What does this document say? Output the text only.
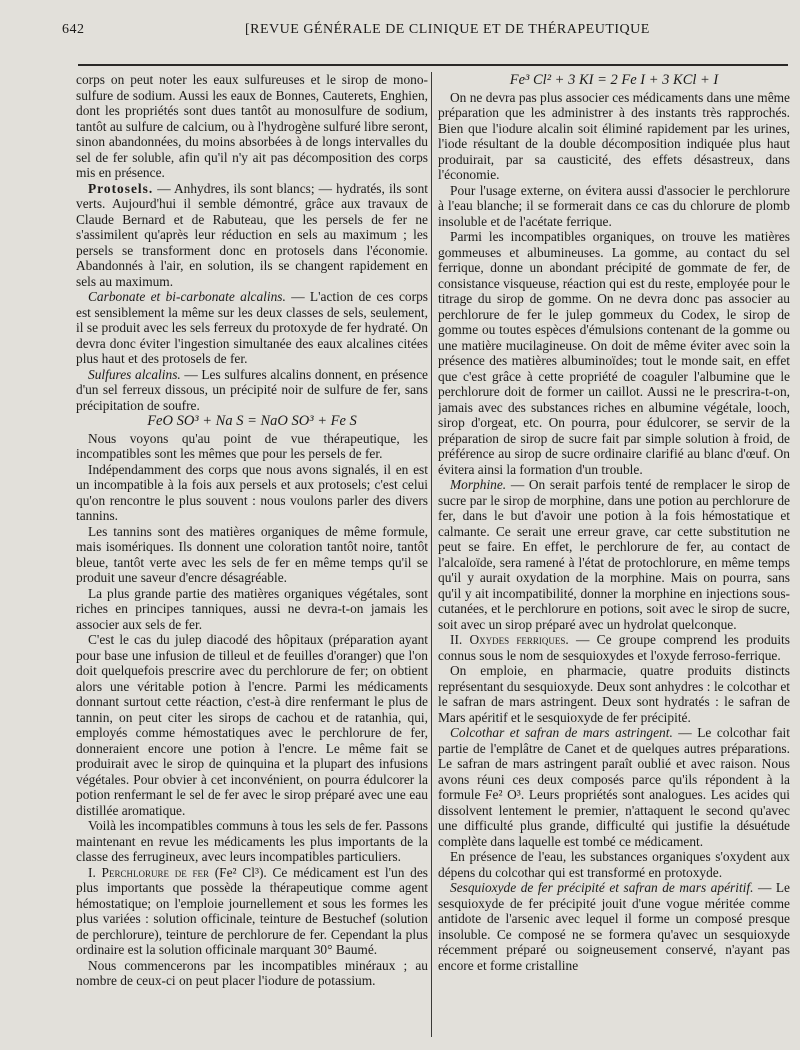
642	[REVUE GÉNÉRALE DE CLINIQUE ET DE THÉRAPEUTIQUE

corps on peut noter les eaux sulfureuses et le sirop de mono-sulfure de sodium. Aussi les eaux de Bonnes, Cauterets, Enghien, dont les propriétés sont dues tantôt au monosulfure de sodium, tantôt au sulfure de calcium, ou à l'hydrogène sulfuré libre seront, sinon abandonnées, du moins absorbées à de longs intervalles du sel de fer soluble, afin qu'il n'y ait pas décomposition des corps mis en présence.

Protosels. — Anhydres, ils sont blancs; — hydratés, ils sont verts. Aujourd'hui il semble démontré, grâce aux travaux de Claude Bernard et de Rabuteau, que les persels de fer ne s'assimilent qu'après leur réduction en sels au maximum ; les persels se transforment donc en protosels dans l'économie. Abandonnés à l'air, en solution, ils se changent rapidement en sels au maximum.

Carbonate et bi-carbonate alcalins. — L'action de ces corps est sensiblement la même sur les deux classes de sels, seulement, il se produit avec les sels ferreux du protoxyde de fer hydraté. On devra donc éviter l'ingestion simultanée des eaux alcalines citées plus haut et des protosels de fer.

Sulfures alcalins. — Les sulfures alcalins donnent, en présence d'un sel ferreux dissous, un précipité noir de sulfure de fer, sans précipitation de soufre.

FeO SO³ + Na S = NaO SO³ + Fe S

Nous voyons qu'au point de vue thérapeutique, les incompatibles sont les mêmes que pour les persels de fer.

Indépendamment des corps que nous avons signalés, il en est un incompatible à la fois aux persels et aux protosels; c'est celui qu'on rencontre le plus souvent : nous voulons parler des divers tannins.

Les tannins sont des matières organiques de même formule, mais isomériques. Ils donnent une coloration tantôt noire, tantôt bleue, tantôt verte avec les sels de fer en même temps qu'il se produit une saveur d'encre désagréable.

La plus grande partie des matières organiques végétales, sont riches en principes tanniques, aussi ne devra-t-on jamais les associer aux sels de fer.

C'est le cas du julep diacodé des hôpitaux (préparation ayant pour base une infusion de tilleul et de feuilles d'oranger) que l'on doit quelquefois prescrire avec du perchlorure de fer; on obtient alors une véritable potion à l'encre. Parmi les médicaments donnant surtout cette réaction, c'est-à dire renfermant le plus de tannin, on peut citer les sirops de cachou et de ratanhia, qui, employés comme hémostatiques avec le perchlorure de fer, donneraient encore une potion à l'encre. Le même fait se produirait avec le sirop de quinquina et la plupart des infusions végétales. Pour obvier à cet inconvénient, on pourra édulcorer la potion renfermant le sel de fer avec le sirop préparé avec une eau distillée aromatique.

Voilà les incompatibles communs à tous les sels de fer. Passons maintenant en revue les médicaments les plus importants de la classe des ferrugineux, avec leurs incompatibles particuliers.

I. Perchlorure de fer (Fe² Cl³). Ce médicament est l'un des plus importants que possède la thérapeutique comme agent hémostatique; on l'emploie journellement et sous les formes les plus variées : solution officinale, teinture de Bestuchef (solution de perchlorure), teinture de perchlorure de fer. Cependant la plus ordinaire est la solution officinale marquant 30° Baumé.

Nous commencerons par les incompatibles minéraux ; au nombre de ceux-ci on peut placer l'iodure de potassium.

Fe³ Cl² + 3 KI = 2 Fe I + 3 KCl + I

On ne devra pas plus associer ces médicaments dans une même préparation que les administrer à des instants très rapprochés. Bien que l'iodure alcalin soit éliminé rapidement par les urines, l'iode résultant de la double décomposition indiquée plus haut produirait, par sa causticité, des effets désastreux, dans l'économie.

Pour l'usage externe, on évitera aussi d'associer le perchlorure à l'eau blanche; il se formerait dans ce cas du chlorure de plomb insoluble et de l'acétate ferrique.

Parmi les incompatibles organiques, on trouve les matières gommeuses et albumineuses. La gomme, au contact du sel ferrique, donne un abondant précipité de gommate de fer, de consistance visqueuse, réaction qui est du reste, employée pour le titrage du sirop de gomme. On ne devra donc pas associer au perchlorure de fer le julep gommeux du Codex, le sirop de gomme ou toutes espèces d'émulsions contenant de la gomme ou une matière mucilagineuse. On doit de même éviter avec soin la présence des matières albuminoïdes; tout le monde sait, en effet que c'est grâce à cette propriété de coaguler l'albumine que le perchlorure doit de former un caillot. Aussi ne le prescrira-t-on, jamais avec des substances riches en albumine végétale, looch, sirop d'orgeat, etc. On pourra, pour édulcorer, se servir de la préparation de sirop de sucre fait par simple solution à froid, de préférence au sirop de sucre ordinaire clarifié au blanc d'œuf. On évitera ainsi la formation d'un trouble.

Morphine. — On serait parfois tenté de remplacer le sirop de sucre par le sirop de morphine, dans une potion au perchlorure de fer, dans le but d'avoir une potion à la fois hémostatique et calmante. Ce serait une erreur grave, car cette substitution ne peut se faire. En effet, le perchlorure de fer, au contact de l'alcaloïde, sera ramené à l'état de protochlorure, en même temps qu'il y aurait oxydation de la morphine. Mais on pourra, sans qu'il y ait incompatibilité, donner la morphine en injections sous-cutanées, et le perchlorure en potions, soit avec le sirop de sucre, soit avec un sirop préparé avec un hydrolat quelconque.

II. Oxydes ferriques. — Ce groupe comprend les produits connus sous le nom de sesquioxydes et l'oxyde ferroso-ferrique.

On emploie, en pharmacie, quatre produits distincts représentant du sesquioxyde. Deux sont anhydres : le colcothar et le safran de mars astringent. Deux sont hydratés : le safran de Mars apéritif et le sesquioxyde de fer précipité.

Colcothar et safran de mars astringent. — Le colcothar fait partie de l'emplâtre de Canet et de quelques autres préparations. Le safran de mars astringent paraît oublié et avec raison. Nous avons réuni ces deux composés parce qu'ils répondent à la formule Fe² O³. Leurs propriétés sont analogues. Les acides qui dissolvent lentement le premier, n'attaquent le second qu'avec une difficulté plus grande, difficulté qui justifie la désuétude complète dans laquelle est tombé ce médicament.

En présence de l'eau, les substances organiques s'oxydent aux dépens du colcothar qui est transformé en protoxyde.

Sesquioxyde de fer précipité et safran de mars apéritif. — Le sesquioxyde de fer précipité jouit d'une vogue méritée comme antidote de l'arsenic avec lequel il forme un composé presque insoluble. Ce composé ne se formera qu'avec un sesquioxyde récemment préparé ou soigneusement conservé, n'ayant pas encore et forme cristalline
